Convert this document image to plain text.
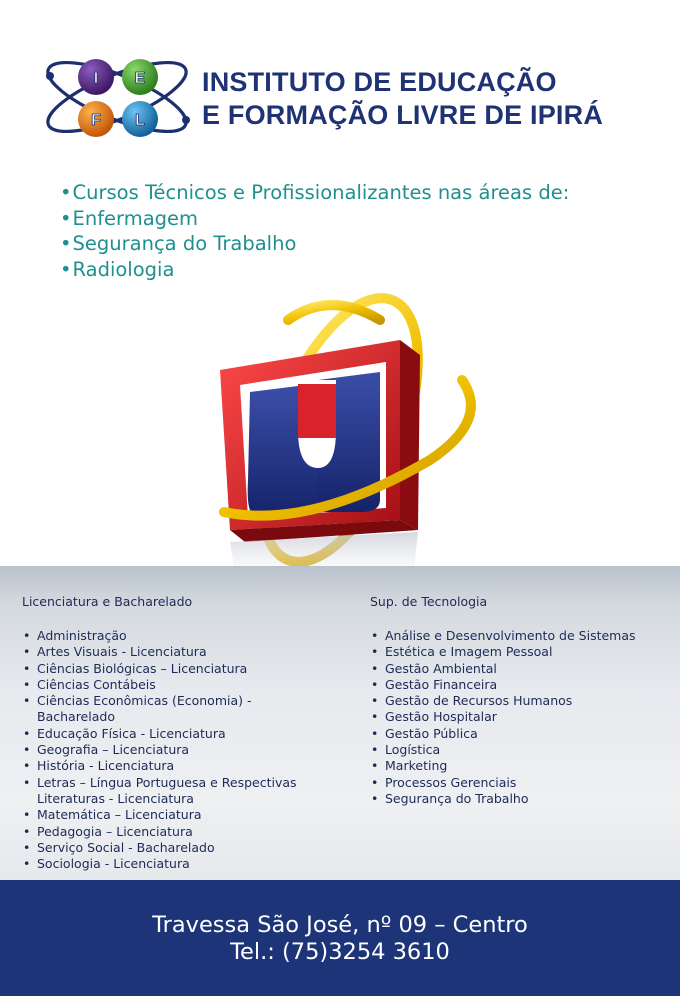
I E
F L
INSTITUTO DE EDUCAÇÃO
E FORMAÇÃO LIVRE DE IPIRÁ
• Cursos Técnicos e Profissionalizantes nas áreas de:
• Enfermagem
• Segurança do Trabalho
• Radiologia
Licenciatura e Bacharelado
• Administração
• Artes Visuais - Licenciatura
• Ciências Biológicas – Licenciatura
• Ciências Contábeis
• Ciências Econômicas (Economia) -
Bacharelado
• Educação Física - Licenciatura
• Geografia – Licenciatura
• História - Licenciatura
• Letras – Língua Portuguesa e Respectivas
Literaturas - Licenciatura
• Matemática – Licenciatura
• Pedagogia – Licenciatura
• Serviço Social - Bacharelado
• Sociologia - Licenciatura
Sup. de Tecnologia
• Análise e Desenvolvimento de Sistemas
• Estética e Imagem Pessoal
• Gestão Ambiental
• Gestão Financeira
• Gestão de Recursos Humanos
• Gestão Hospitalar
• Gestão Pública
• Logística
• Marketing
• Processos Gerenciais
• Segurança do Trabalho
Travessa São José, nº 09 – Centro
Tel.: (75)3254 3610
